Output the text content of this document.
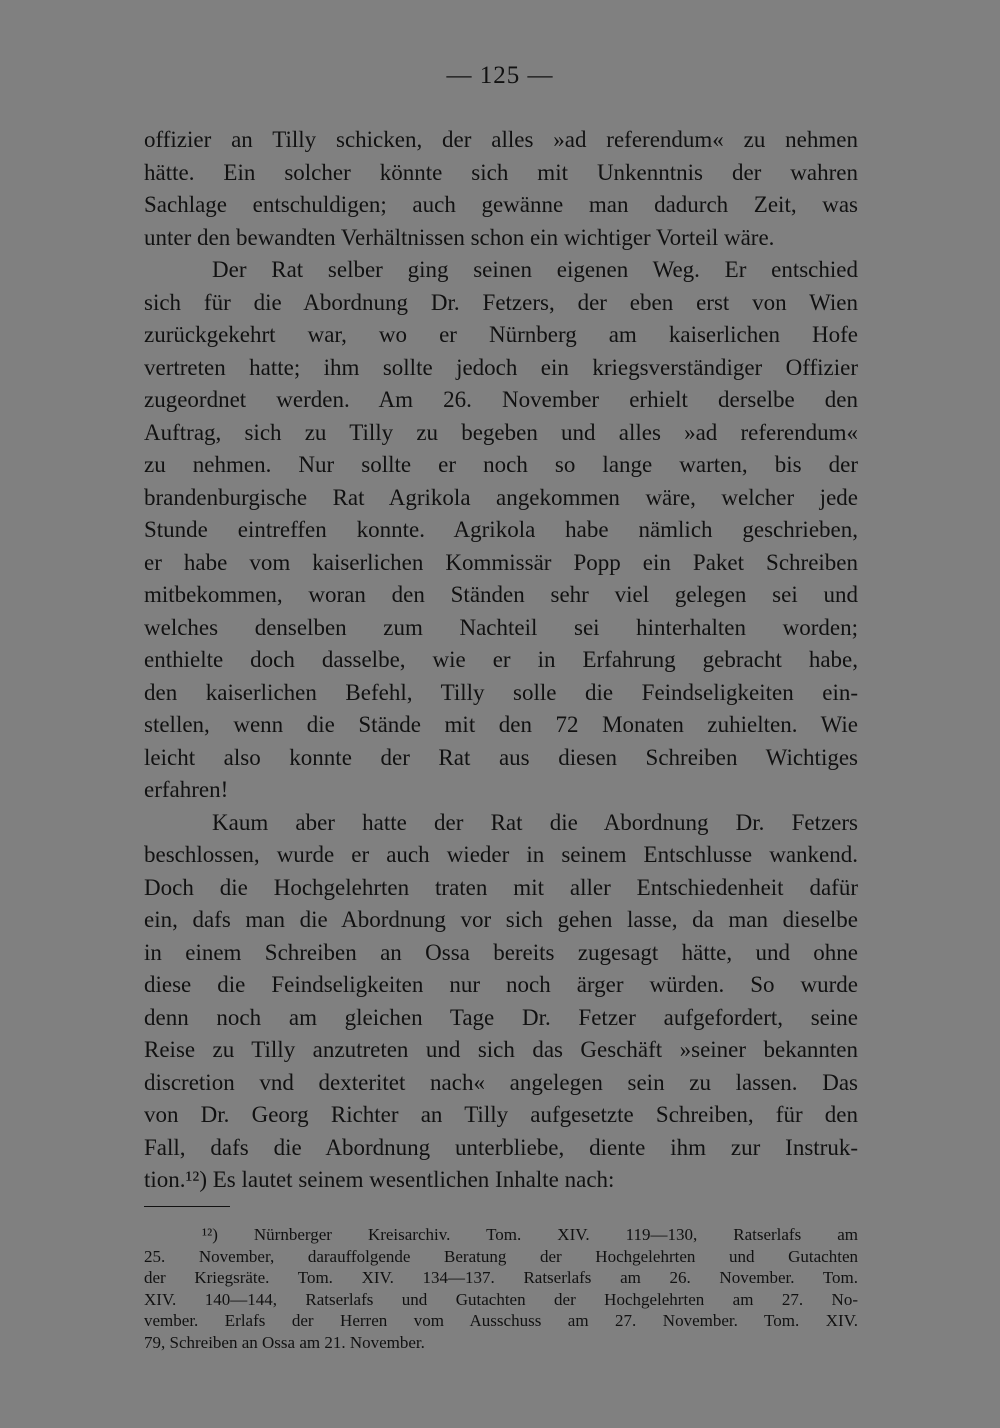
— 125 —
offizier an Tilly schicken, der alles »ad referendum« zu nehmen
hätte. Ein solcher könnte sich mit Unkenntnis der wahren
Sachlage entschuldigen; auch gewänne man dadurch Zeit, was
unter den bewandten Verhältnissen schon ein wichtiger Vorteil wäre.
Der Rat selber ging seinen eigenen Weg. Er entschied
sich für die Abordnung Dr. Fetzers, der eben erst von Wien
zurückgekehrt war, wo er Nürnberg am kaiserlichen Hofe
vertreten hatte; ihm sollte jedoch ein kriegsverständiger Offizier
zugeordnet werden. Am 26. November erhielt derselbe den
Auftrag, sich zu Tilly zu begeben und alles »ad referendum«
zu nehmen. Nur sollte er noch so lange warten, bis der
brandenburgische Rat Agrikola angekommen wäre, welcher jede
Stunde eintreffen konnte. Agrikola habe nämlich geschrieben,
er habe vom kaiserlichen Kommissär Popp ein Paket Schreiben
mitbekommen, woran den Ständen sehr viel gelegen sei und
welches denselben zum Nachteil sei hinterhalten worden;
enthielte doch dasselbe, wie er in Erfahrung gebracht habe,
den kaiserlichen Befehl, Tilly solle die Feindseligkeiten ein-
stellen, wenn die Stände mit den 72 Monaten zuhielten. Wie
leicht also konnte der Rat aus diesen Schreiben Wichtiges
erfahren!
Kaum aber hatte der Rat die Abordnung Dr. Fetzers
beschlossen, wurde er auch wieder in seinem Entschlusse wankend.
Doch die Hochgelehrten traten mit aller Entschiedenheit dafür
ein, dafs man die Abordnung vor sich gehen lasse, da man dieselbe
in einem Schreiben an Ossa bereits zugesagt hätte, und ohne
diese die Feindseligkeiten nur noch ärger würden. So wurde
denn noch am gleichen Tage Dr. Fetzer aufgefordert, seine
Reise zu Tilly anzutreten und sich das Geschäft »seiner bekannten
discretion vnd dexteritet nach« angelegen sein zu lassen. Das
von Dr. Georg Richter an Tilly aufgesetzte Schreiben, für den
Fall, dafs die Abordnung unterbliebe, diente ihm zur Instruk-
tion.¹²) Es lautet seinem wesentlichen Inhalte nach:
¹²) Nürnberger Kreisarchiv. Tom. XIV. 119—130, Ratserlafs am
25. November, darauffolgende Beratung der Hochgelehrten und Gutachten
der Kriegsräte. Tom. XIV. 134—137. Ratserlafs am 26. November. Tom.
XIV. 140—144, Ratserlafs und Gutachten der Hochgelehrten am 27. No-
vember. Erlafs der Herren vom Ausschuss am 27. November. Tom. XIV.
79, Schreiben an Ossa am 21. November.
